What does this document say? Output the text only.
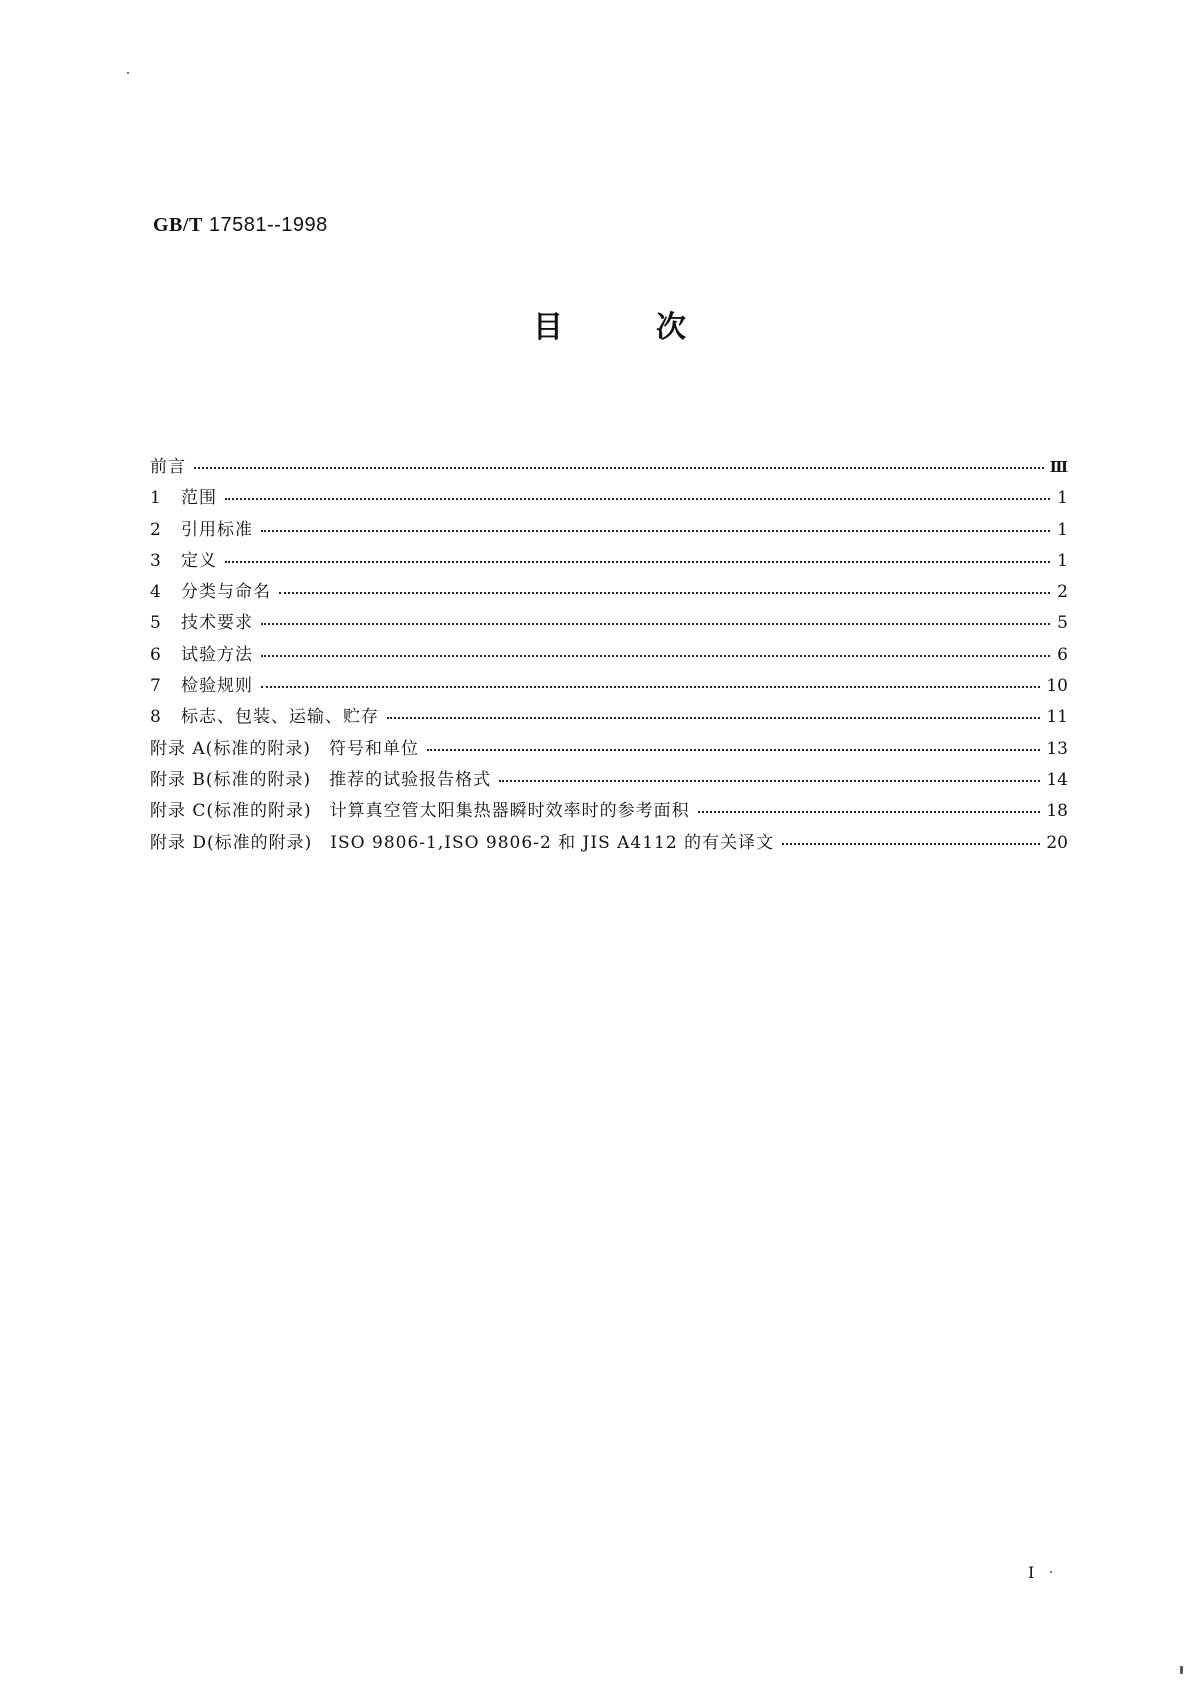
GB/T 17581--1998
目	次
前言	Ⅲ
1 范围	1
2 引用标准	1
3 定义	1
4 分类与命名	2
5 技术要求	5
6 试验方法	6
7 检验规则	10
8 标志、包装、运输、贮存	11
附录 A(标准的附录)　符号和单位	13
附录 B(标准的附录)　推荐的试验报告格式	14
附录 C(标准的附录)　计算真空管太阳集热器瞬时效率时的参考面积	18
附录 D(标准的附录)　ISO 9806-1,ISO 9806-2 和 JIS A4112 的有关译文	20
I
